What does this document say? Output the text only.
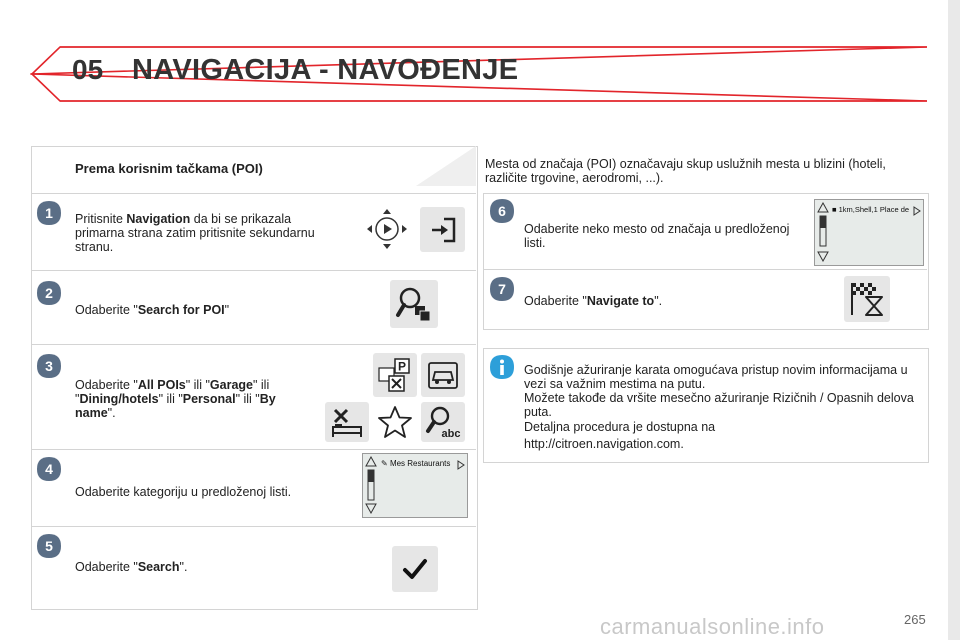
05 NAVIGACIJA - NAVOĐENJE
Prema korisnim tačkama (POI)
1
2
3
4
5
Pritisnite Navigation da bi se prikazala primarna strana zatim pritisnite sekundarnu stranu.
Odaberite "Search for POI"
Odaberite "All POIs" ili "Garage" ili "Dining/hotels" ili "Personal" ili "By name".
Odaberite kategoriju u predloženoj listi.
Odaberite "Search".
P
abc
✎ Mes Restaurants
Mesta od značaja (POI) označavaju skup uslužnih mesta u blizini (hoteli, različite trgovine, aerodromi, ...).
6
7
Odaberite neko mesto od značaja u predloženoj listi.
Odaberite "Navigate to".
■ 1km,Shell,1 Place de
Godišnje ažuriranje karata omogućava pristup novim informacijama u vezi sa važnim mestima na putu.
Možete takođe da vršite mesečno ažuriranje Rizičnih / Opasnih delova puta.
Detaljna procedura je dostupna na
http://citroen.navigation.com.
carmanualsonline.info	265
